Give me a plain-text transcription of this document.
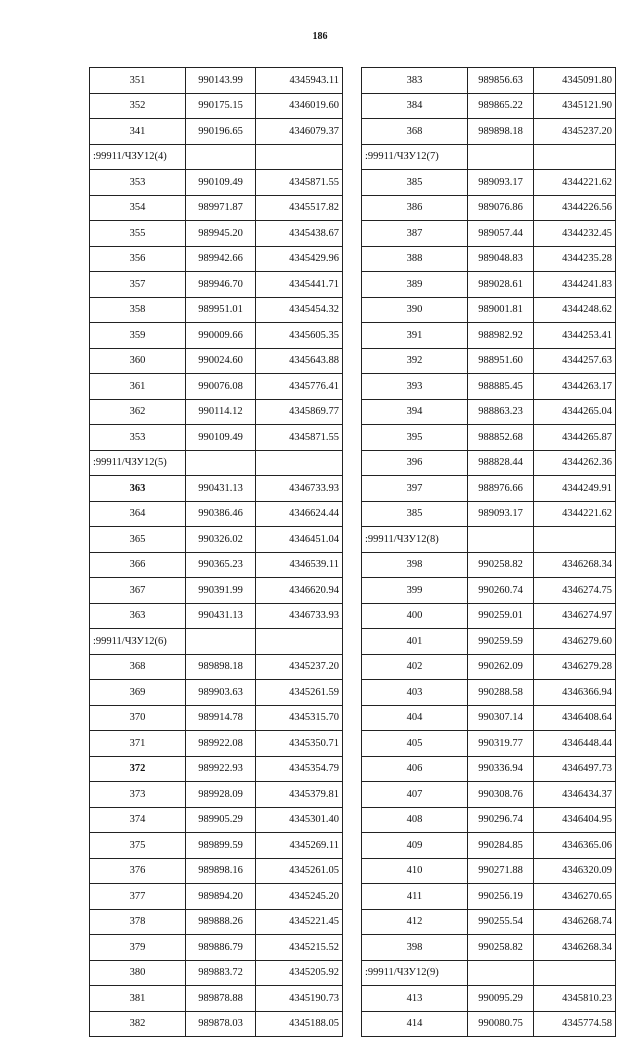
186
351	990143.99	4345943.11
352	990175.15	4346019.60
341	990196.65	4346079.37
:99911/ЧЗУ12(4)		
353	990109.49	4345871.55
354	989971.87	4345517.82
355	989945.20	4345438.67
356	989942.66	4345429.96
357	989946.70	4345441.71
358	989951.01	4345454.32
359	990009.66	4345605.35
360	990024.60	4345643.88
361	990076.08	4345776.41
362	990114.12	4345869.77
353	990109.49	4345871.55
:99911/ЧЗУ12(5)		
363	990431.13	4346733.93
364	990386.46	4346624.44
365	990326.02	4346451.04
366	990365.23	4346539.11
367	990391.99	4346620.94
363	990431.13	4346733.93
:99911/ЧЗУ12(6)		
368	989898.18	4345237.20
369	989903.63	4345261.59
370	989914.78	4345315.70
371	989922.08	4345350.71
372	989922.93	4345354.79
373	989928.09	4345379.81
374	989905.29	4345301.40
375	989899.59	4345269.11
376	989898.16	4345261.05
377	989894.20	4345245.20
378	989888.26	4345221.45
379	989886.79	4345215.52
380	989883.72	4345205.92
381	989878.88	4345190.73
382	989878.03	4345188.05
383	989856.63	4345091.80
384	989865.22	4345121.90
368	989898.18	4345237.20
:99911/ЧЗУ12(7)		
385	989093.17	4344221.62
386	989076.86	4344226.56
387	989057.44	4344232.45
388	989048.83	4344235.28
389	989028.61	4344241.83
390	989001.81	4344248.62
391	988982.92	4344253.41
392	988951.60	4344257.63
393	988885.45	4344263.17
394	988863.23	4344265.04
395	988852.68	4344265.87
396	988828.44	4344262.36
397	988976.66	4344249.91
385	989093.17	4344221.62
:99911/ЧЗУ12(8)		
398	990258.82	4346268.34
399	990260.74	4346274.75
400	990259.01	4346274.97
401	990259.59	4346279.60
402	990262.09	4346279.28
403	990288.58	4346366.94
404	990307.14	4346408.64
405	990319.77	4346448.44
406	990336.94	4346497.73
407	990308.76	4346434.37
408	990296.74	4346404.95
409	990284.85	4346365.06
410	990271.88	4346320.09
411	990256.19	4346270.65
412	990255.54	4346268.74
398	990258.82	4346268.34
:99911/ЧЗУ12(9)		
413	990095.29	4345810.23
414	990080.75	4345774.58
